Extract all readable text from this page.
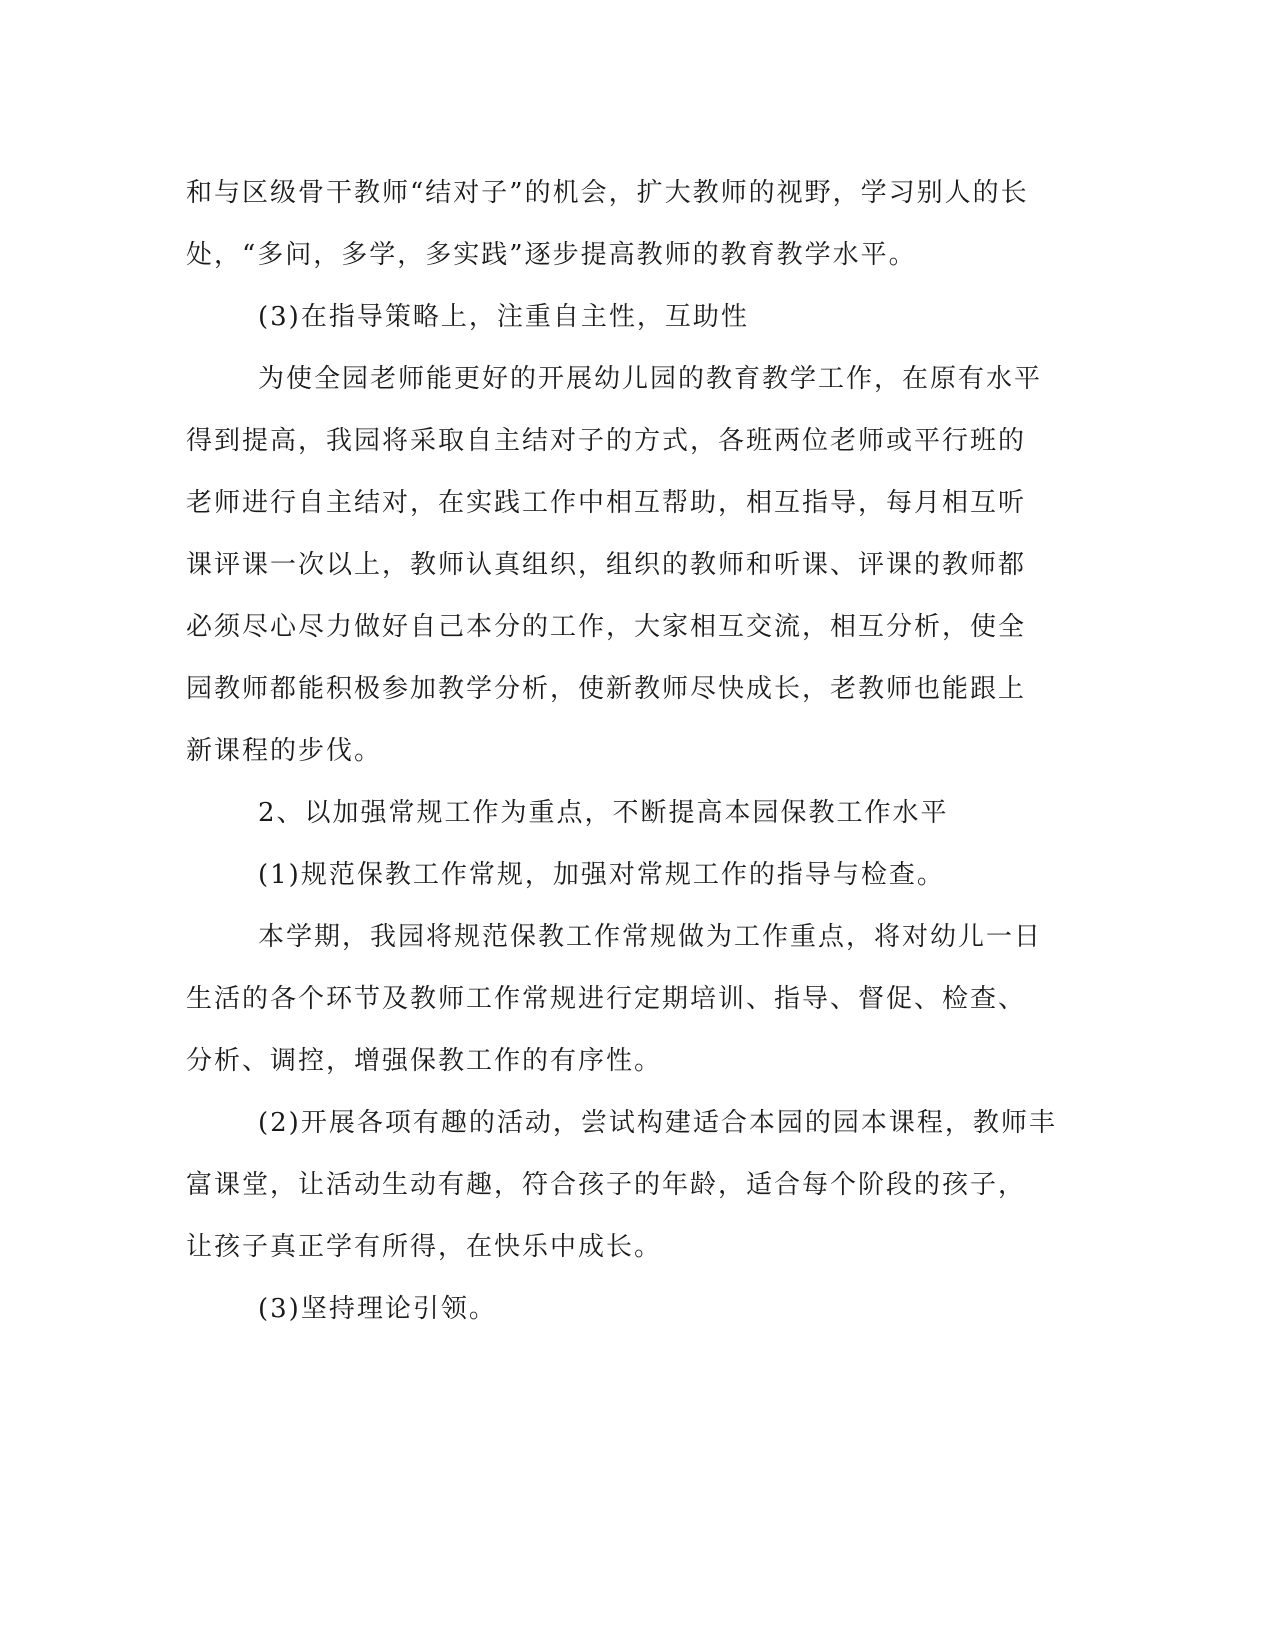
和与区级骨干教师“结对子”的机会，扩大教师的视野，学习别人的长

处，“多问，多学，多实践”逐步提高教师的教育教学水平。

(3)在指导策略上，注重自主性，互助性

为使全园老师能更好的开展幼儿园的教育教学工作，在原有水平

得到提高，我园将采取自主结对子的方式，各班两位老师或平行班的

老师进行自主结对，在实践工作中相互帮助，相互指导，每月相互听

课评课一次以上，教师认真组织，组织的教师和听课、评课的教师都

必须尽心尽力做好自己本分的工作，大家相互交流，相互分析，使全

园教师都能积极参加教学分析，使新教师尽快成长，老教师也能跟上

新课程的步伐。

2、以加强常规工作为重点，不断提高本园保教工作水平

(1)规范保教工作常规，加强对常规工作的指导与检查。

本学期，我园将规范保教工作常规做为工作重点，将对幼儿一日

生活的各个环节及教师工作常规进行定期培训、指导、督促、检查、

分析、调控，增强保教工作的有序性。

(2)开展各项有趣的活动，尝试构建适合本园的园本课程，教师丰

富课堂，让活动生动有趣，符合孩子的年龄，适合每个阶段的孩子，

让孩子真正学有所得，在快乐中成长。

(3)坚持理论引领。
